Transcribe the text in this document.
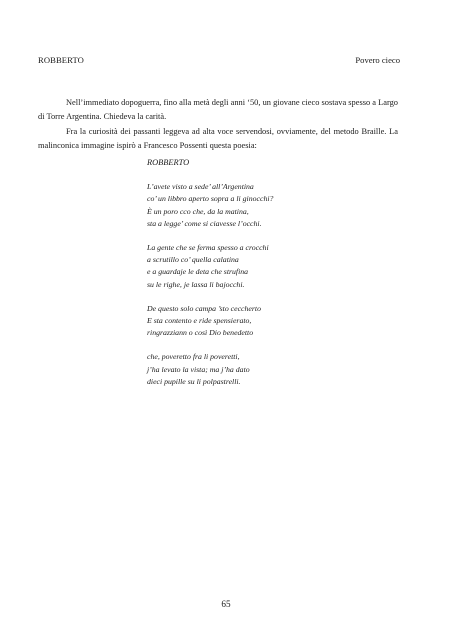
ROBBERTO	Povero cieco

Nell’immediato dopoguerra, fino alla metà degli anni ‘50, un giovane cieco sostava spesso a Largo di Torre Argentina. Chiedeva la carità.

Fra la curiosità dei passanti leggeva ad alta voce servendosi, ovviamente, del metodo Braille. La malinconica immagine ispirò a Francesco Possenti questa poesia:

ROBBERTO
L’avete visto a sede’ all’Argentina
co’ un libbro aperto sopra a li ginocchi?
È un poro cco che, da la matina,
sta a legge’ come si ciavesse l’occhi.
La gente che se ferma spesso a crocchi
a scrutillo co’ quella calatina
e a guardaje le deta che strufina
su le righe, je lassa li bajocchi.
De questo solo campa ’sto ceccherto
E sta contento e ride spensierato,
ringrazziann o così Dio benedetto
che, poveretto fra li poveretti,
j’ha levato la vista; ma j’ha dato
dieci pupille su li polpastrelli.
65
